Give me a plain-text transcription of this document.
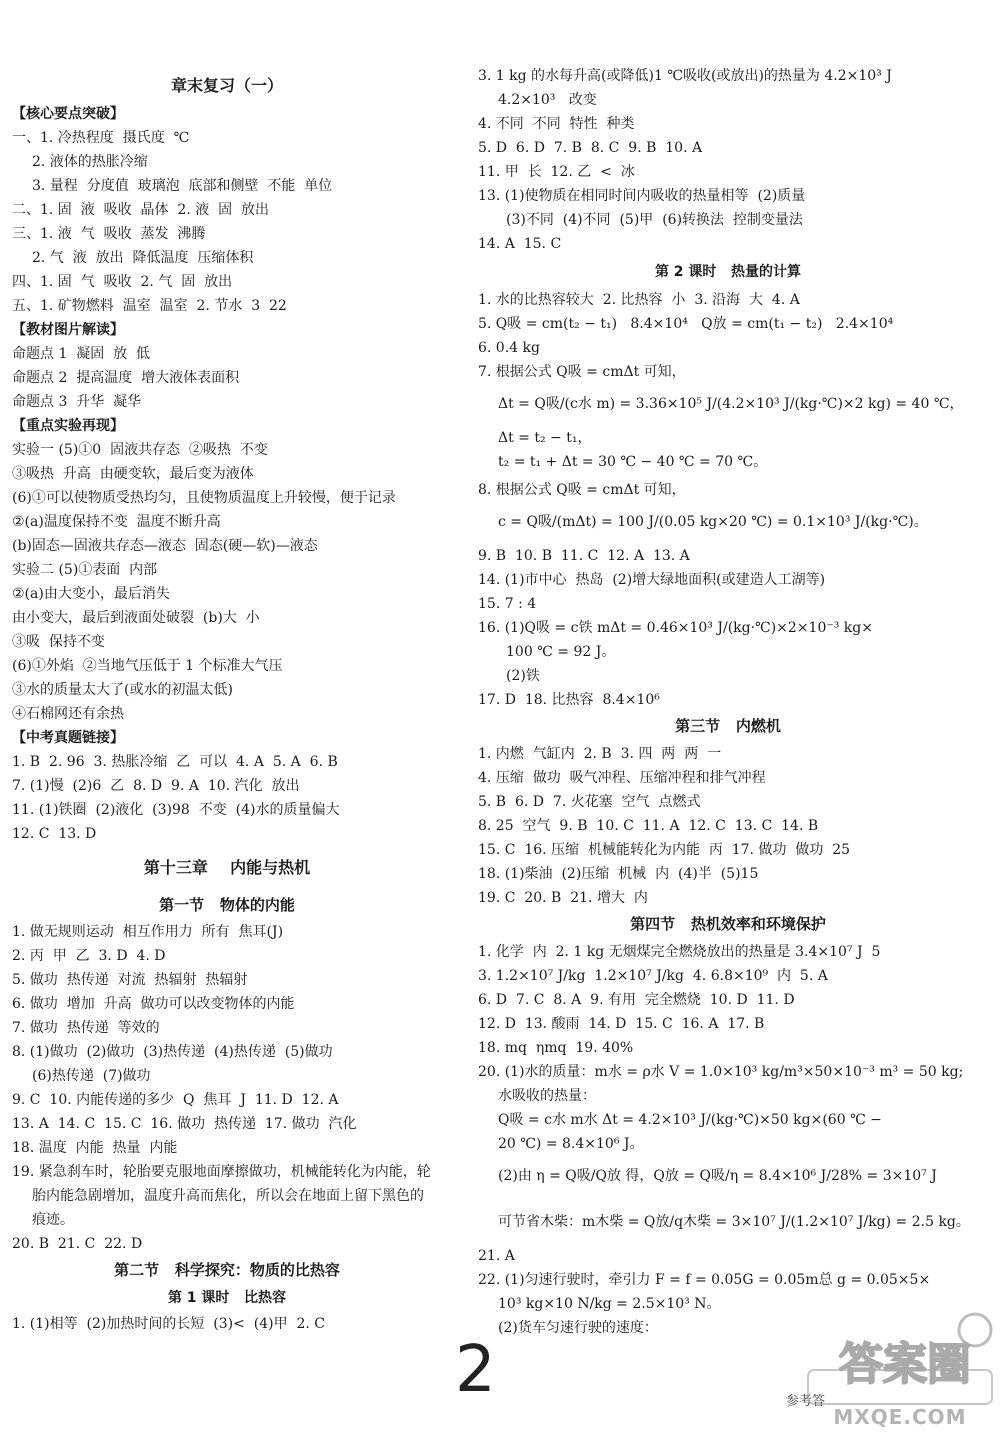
章末复习（一）
【核心要点突破】
一、1. 冷热程度  摄氏度  ℃
2. 液体的热胀冷缩
3. 量程  分度值  玻璃泡  底部和侧壁  不能  单位
二、1. 固  液  吸收  晶体  2. 液  固  放出
三、1. 液  气  吸收  蒸发  沸腾
2. 气  液  放出  降低温度  压缩体积
四、1. 固  气  吸收  2. 气  固  放出
五、1. 矿物燃料  温室  温室  2. 节水  3  22
【教材图片解读】
命题点 1  凝固  放  低
命题点 2  提高温度  增大液体表面积
命题点 3  升华  凝华
【重点实验再现】
实验一 (5)①0  固液共存态  ②吸热  不变
③吸热  升高  由硬变软，最后变为液体
(6)①可以使物质受热均匀，且使物质温度上升较慢，便于记录
②(a)温度保持不变  温度不断升高
(b)固态—固液共存态—液态  固态(硬—软)—液态
实验二 (5)①表面  内部
②(a)由大变小，最后消失
由小变大，最后到液面处破裂  (b)大  小
③吸  保持不变
(6)①外焰  ②当地气压低于 1 个标准大气压
③水的质量太大了(或水的初温太低)
④石棉网还有余热
【中考真题链接】
1. B  2. 96  3. 热胀冷缩  乙  可以  4. A  5. A  6. B
7. (1)慢  (2)6  乙  8. D  9. A  10. 汽化  放出
11. (1)铁圈  (2)液化  (3)98  不变  (4)水的质量偏大
12. C  13. D
第十三章    内能与热机
第一节   物体的内能
1. 做无规则运动  相互作用力  所有  焦耳(J)
2. 丙  甲  乙  3. D  4. D
5. 做功  热传递  对流  热辐射  热辐射
6. 做功  增加  升高  做功可以改变物体的内能
7. 做功  热传递  等效的
8. (1)做功  (2)做功  (3)热传递  (4)热传递  (5)做功
(6)热传递  (7)做功
9. C  10. 内能传递的多少  Q  焦耳  J  11. D  12. A
13. A  14. C  15. C  16. 做功  热传递  17. 做功  汽化
18. 温度  内能  热量  内能
19. 紧急刹车时，轮胎要克服地面摩擦做功，机械能转化为内能，轮
胎内能急剧增加，温度升高而焦化，所以会在地面上留下黑色的
痕迹。
20. B  21. C  22. D
第二节   科学探究：物质的比热容
第 1 课时   比热容
1. (1)相等  (2)加热时间的长短  (3)<  (4)甲  2. C
3. 1 kg 的水每升高(或降低)1 ℃吸收(或放出)的热量为 4.2×10³ J
4.2×10³   改变
4. 不同  不同  特性  种类
5. D  6. D  7. B  8. C  9. B  10. A
11. 甲  长  12. 乙  <  冰
13. (1)使物质在相同时间内吸收的热量相等  (2)质量
(3)不同  (4)不同  (5)甲  (6)转换法  控制变量法
14. A  15. C
第 2 课时   热量的计算
1. 水的比热容较大  2. 比热容  小  3. 沿海  大  4. A
5. Q吸 = cm(t₂ − t₁)   8.4×10⁴   Q放 = cm(t₁ − t₂)   2.4×10⁴
6. 0.4 kg
7. 根据公式 Q吸 = cmΔt 可知，
Δt = Q吸/(c水 m) = 3.36×10⁵ J/(4.2×10³ J/(kg·℃)×2 kg) = 40 ℃，
Δt = t₂ − t₁，
t₂ = t₁ + Δt = 30 ℃ − 40 ℃ = 70 ℃。
8. 根据公式 Q吸 = cmΔt 可知，
c = Q吸/(mΔt) = 100 J/(0.05 kg×20 ℃) = 0.1×10³ J/(kg·℃)。
9. B  10. B  11. C  12. A  13. A
14. (1)市中心  热岛  (2)增大绿地面积(或建造人工湖等)
15. 7 : 4
16. (1)Q吸 = c铁 mΔt = 0.46×10³ J/(kg·℃)×2×10⁻³ kg×
100 ℃ = 92 J。
(2)铁
17. D  18. 比热容  8.4×10⁶
第三节   内燃机
1. 内燃  气缸内  2. B  3. 四  两  两  一
4. 压缩  做功  吸气冲程、压缩冲程和排气冲程
5. B  6. D  7. 火花塞  空气  点燃式
8. 25  空气  9. B  10. C  11. A  12. C  13. C  14. B
15. C  16. 压缩  机械能转化为内能  丙  17. 做功  做功  25
18. (1)柴油  (2)压缩  机械  内  (4)半  (5)15
19. C  20. B  21. 增大  内
第四节   热机效率和环境保护
1. 化学  内  2. 1 kg 无烟煤完全燃烧放出的热量是 3.4×10⁷ J  5
3. 1.2×10⁷ J/kg  1.2×10⁷ J/kg  4. 6.8×10⁹  内  5. A
6. D  7. C  8. A  9. 有用  完全燃烧  10. D  11. D
12. D  13. 酸雨  14. D  15. C  16. A  17. B
18. mq  ηmq  19. 40%
20. (1)水的质量：m水 = ρ水 V = 1.0×10³ kg/m³×50×10⁻³ m³ = 50 kg;
水吸收的热量：
Q吸 = c水 m水 Δt = 4.2×10³ J/(kg·℃)×50 kg×(60 ℃ −
20 ℃) = 8.4×10⁶ J。
(2)由 η = Q吸/Q放 得，Q放 = Q吸/η = 8.4×10⁶ J/28% = 3×10⁷ J
可节省木柴：m木柴 = Q放/q木柴 = 3×10⁷ J/(1.2×10⁷ J/kg) = 2.5 kg。
21. A
22. (1)匀速行驶时，牵引力 F = f = 0.05G = 0.05m总 g = 0.05×5×
10³ kg×10 N/kg = 2.5×10³ N。
(2)货车匀速行驶的速度：
2	参考答
答案圈
MXQE.COM
